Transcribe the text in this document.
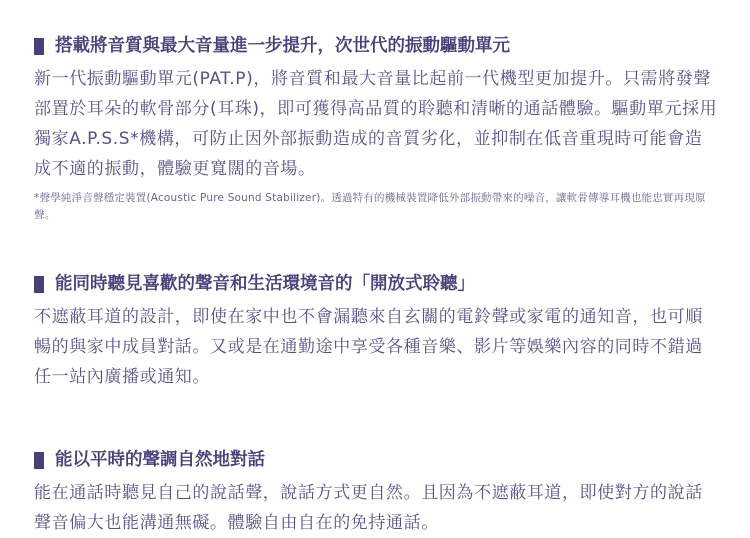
搭載將音質與最大音量進一步提升，次世代的振動驅動單元

新一代振動驅動單元(PAT.P)，將音質和最大音量比起前一代機型更加提升。只需將發聲部置於耳朵的軟骨部分(耳珠)，即可獲得高品質的聆聽和清晰的通話體驗。驅動單元採用獨家A.P.S.S*機構，可防止因外部振動造成的音質劣化，並抑制在低音重現時可能會造成不適的振動，體驗更寬闊的音場。

*聲學純淨音聲穩定裝置(Acoustic Pure Sound Stabilizer)。透過特有的機械裝置降低外部振動帶來的噪音，讓軟骨傳導耳機也能忠實再現原聲。

能同時聽見喜歡的聲音和生活環境音的「開放式聆聽」

不遮蔽耳道的設計，即使在家中也不會漏聽來自玄關的電鈴聲或家電的通知音，也可順暢的與家中成員對話。又或是在通勤途中享受各種音樂、影片等娛樂內容的同時不錯過任一站內廣播或通知。

能以平時的聲調自然地對話

能在通話時聽見自己的說話聲，說話方式更自然。且因為不遮蔽耳道，即使對方的說話聲音偏大也能溝通無礙。體驗自由自在的免持通話。
